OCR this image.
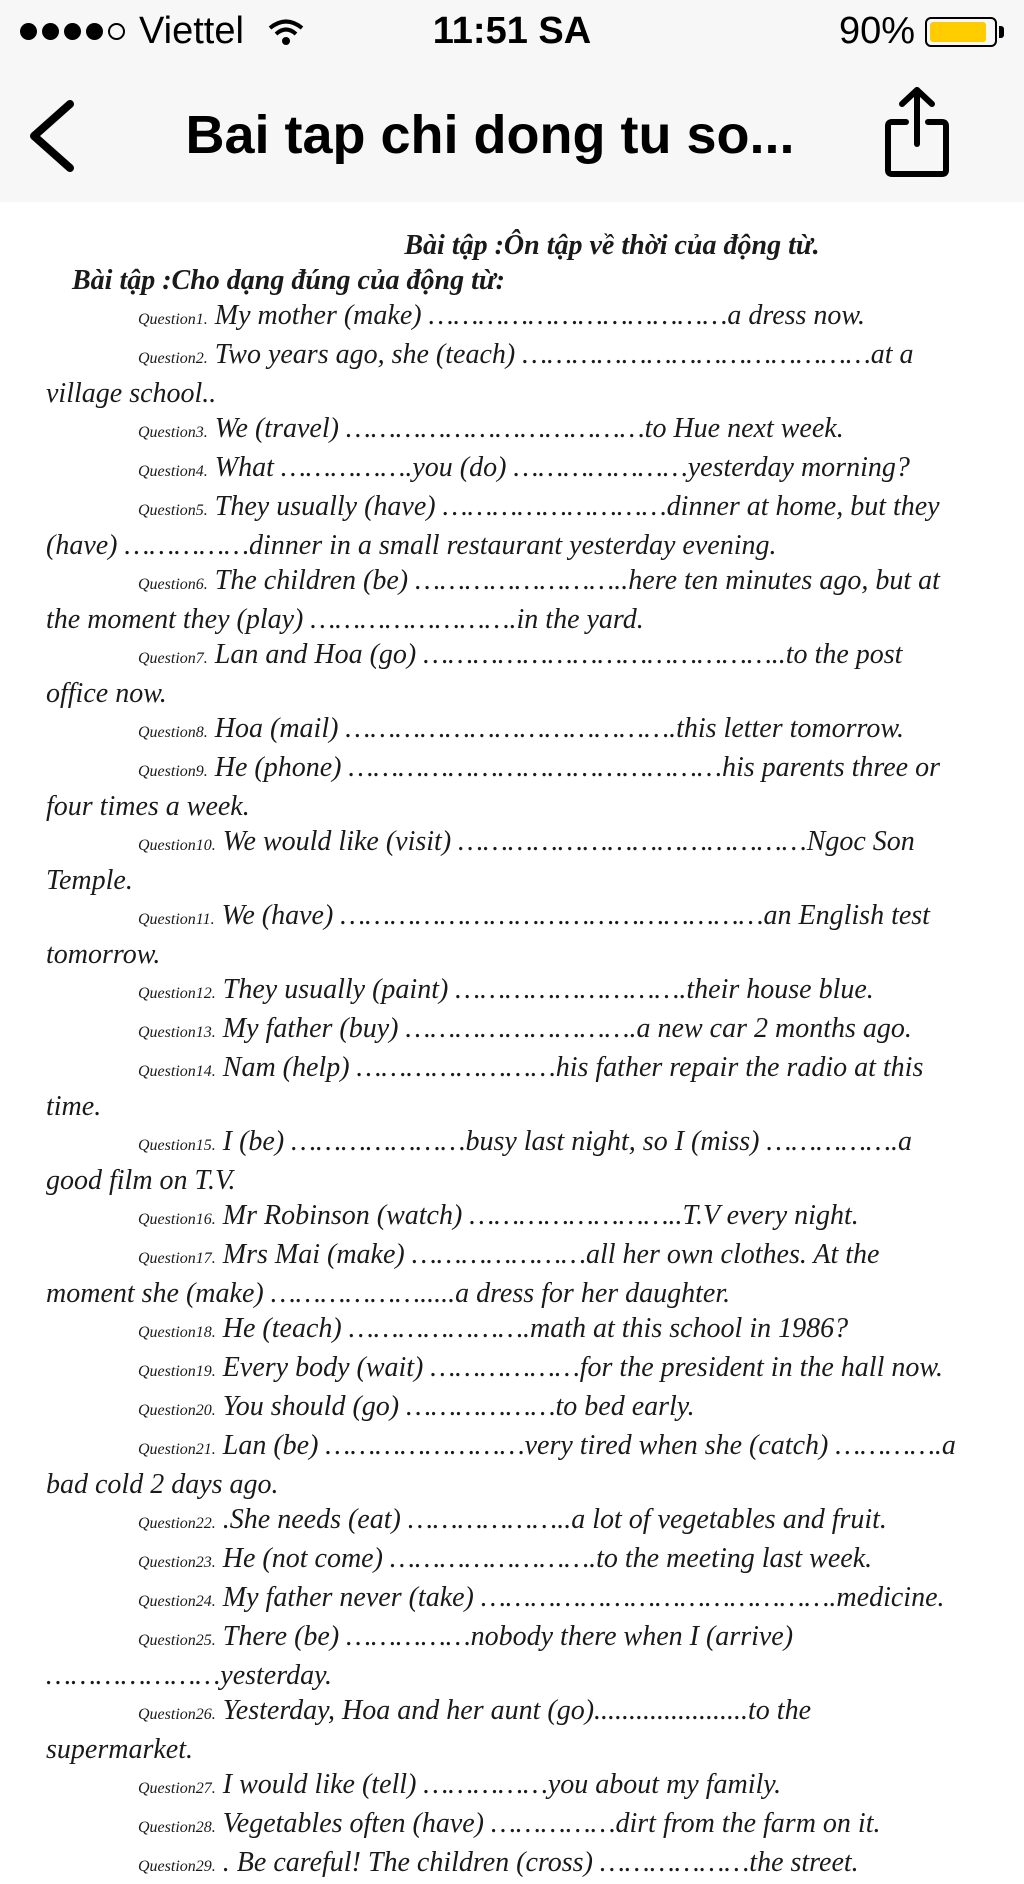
Viettel	11:51 SA	90%
Bai tap chi dong tu so...
Bài tập :Ôn tập về thời của động từ.
Bài tập :Cho dạng đúng của động từ:

Question1. My mother (make) ………………………………a dress now.

Question2. Two years ago, she (teach) ……………………………………at a village school..

Question3. We (travel) ………………………………to Hue next week.

Question4. What …………….you (do) …………………yesterday morning?

Question5. They usually (have) ………………………dinner at home, but they (have) ……………dinner in a small restaurant yesterday evening.

Question6. The children (be) ……………………..here ten minutes ago, but at the moment they (play) …………………….in the yard.

Question7. Lan and Hoa (go) ……………………………………..to the post office now.

Question8. Hoa (mail) ………………………………….this letter tomorrow.

Question9. He (phone) ………………………………………his parents three or four times a week.

Question10. We would like (visit) ……………………………………Ngoc Son Temple.

Question11. We (have) ……………………………………………an English test tomorrow.

Question12. They usually (paint) ……………………….their house blue.

Question13. My father (buy) ……………………….a new car 2 months ago.

Question14. Nam (help) ……………………his father repair the radio at this time.

Question15. I (be) …………………busy last night, so I (miss) …………….a good film on T.V.

Question16. Mr Robinson (watch) ……………………..T.V every night.

Question17. Mrs Mai (make) …………………all her own clothes. At the moment she (make) ……………….....a dress for her daughter.

Question18. He (teach) ………………….math at this school in 1986?

Question19. Every body (wait) ………………for the president in the hall now.

Question20. You should (go) ………………to bed early.

Question21. Lan (be) ……………………very tired when she (catch) ………….a bad cold 2 days ago.

Question22. .She needs (eat) ………………..a lot of vegetables and fruit.

Question23. He (not come) …………………….to the meeting last week.

Question24. My father never (take) …………………………………….medicine.

Question25. There (be) ……………nobody there when I (arrive) …………………yesterday.

Question26. Yesterday, Hoa and her aunt (go)......................to the supermarket.

Question27. I would like (tell) ……………you about my family.

Question28. Vegetables often (have) ……………dirt from the farm on it.

Question29. . Be careful! The children (cross) ………………the street.
